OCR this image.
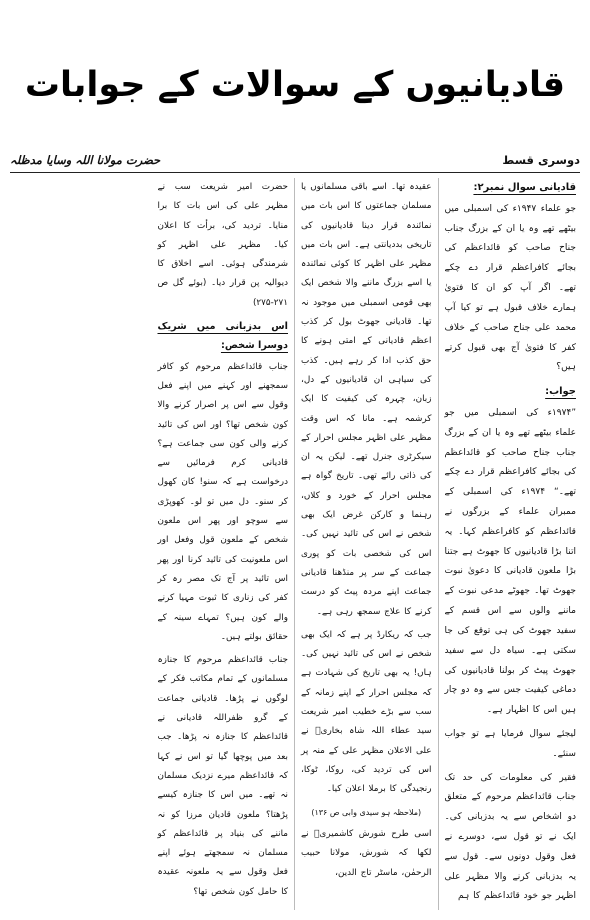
قادیانیوں کے سوالات کے جوابات
دوسری قسط
حضرت مولانا اللہ وسایا مدظلہ

قادیانی سوال نمبر۲:

جو علماء ۱۹۴۷ء کی اسمبلی میں بیٹھے تھے وہ یا ان کے بزرگ جناب جناح صاحب کو قائداعظم کی بجائے کافراعظم قرار دے چکے تھے۔ اگر آپ کو ان کا فتویٰ ہمارے خلاف قبول ہے تو کیا آپ محمد علی جناح صاحب کے خلاف کفر کا فتویٰ آج بھی قبول کرتے ہیں؟

جواب:

”۱۹۷۴ء کی اسمبلی میں جو علماء بیٹھے تھے وہ یا ان کے بزرگ جناب جناح صاحب کو قائداعظم کی بجائے کافراعظم قرار دے چکے تھے۔“ ۱۹۷۴ء کی اسمبلی کے ممبران علماء کے بزرگوں نے قائداعظم کو کافراعظم کہا۔ یہ اتنا بڑا قادیانیوں کا جھوٹ ہے جتنا بڑا ملعون قادیانی کا دعویٰ نبوت جھوٹ تھا۔ جھوٹے مدعی نبوت کے ماننے والوں سے اس قسم کے سفید جھوٹ کی ہی توقع کی جا سکتی ہے۔ سیاہ دل سے سفید جھوٹ پیٹ کر بولنا قادیانیوں کی دماغی کیفیت جس سے وہ دو چار ہیں اس کا اظہار ہے۔

لیجئے سوال فرمایا ہے تو جواب سنئے۔

فقیر کی معلومات کی حد تک جناب قائداعظم مرحوم کے متعلق دو اشخاص سے یہ بدزبانی کی۔ ایک نے تو قول سے، دوسرے نے فعل وقول دونوں سے۔ قول سے یہ بدزبانی کرنے والا مظہر علی اظہر جو خود قائداعظم کا ہم

عقیدہ تھا۔ اسے باقی مسلمانوں یا مسلمان جماعتوں کا اس بات میں نمائندہ قرار دینا قادیانیوں کی تاریخی بددیانتی ہے۔ اس بات میں مظہر علی اظہر کا کوئی نمائندہ یا اسے بزرگ ماننے والا شخص ایک بھی قومی اسمبلی میں موجود نہ تھا۔ قادیانی جھوٹ بول کر کذب اعظم قادیانی کے امتی ہونے کا حق کذب ادا کر رہے ہیں۔ کذب کی سیاہی ان قادیانیوں کے دل، زبان، چہرہ کی کیفیت کا ایک کرشمہ ہے۔ مانا کہ اس وقت مظہر علی اظہر مجلس احرار کے سیکرٹری جنرل تھے۔ لیکن یہ ان کی ذاتی رائے تھی۔ تاریخ گواہ ہے مجلس احرار کے خورد و کلاں، رہنما و کارکن غرض ایک بھی شخص نے اس کی تائید نہیں کی۔ اس کی شخصی بات کو پوری جماعت کے سر پر منڈھنا قادیانی جماعت اپنے مردہ پیٹ کو درست کرنے کا علاج سمجھ رہی ہے۔

جب کہ ریکارڈ پر ہے کہ ایک بھی شخص نے اس کی تائید نہیں کی۔ ہاں! یہ بھی تاریخ کی شہادت ہے کہ مجلس احرار کے اپنے زمانہ کے سب سے بڑے خطیب امیر شریعت سید عطاء اللہ شاہ بخاریؒ نے علی الاعلان مظہر علی کے منہ پر اس کی تردید کی، روکا، ٹوکا، رنجیدگی کا برملا اعلان کیا۔

(ملاحظہ ہو سیدی وابی ص ۱۳۶)

اسی طرح شورش کاشمیریؒ نے لکھا کہ شورش، مولانا حبیب الرحمٰن، ماسٹر تاج الدین،

حضرت امیر شریعت سب نے مظہر علی کی اس بات کا برا منایا۔ تردید کی، برأت کا اعلان کیا۔ مظہر علی اظہر کو شرمندگی ہوئی۔ اسے اخلاق کا دیوالیہ پن قرار دیا۔ (بوئے گل ص ۲۷۱-۲۷۵)

اس بدزبانی میں شریک دوسرا شخص:

جناب قائداعظم مرحوم کو کافر سمجھنے اور کہنے میں اپنے فعل وقول سے اس پر اصرار کرنے والا کون شخص تھا؟ اور اس کی تائید کرنے والی کون سی جماعت ہے؟ قادیانی کرم فرمائیں سے درخواست ہے کہ سنو! کان کھول کر سنو۔ دل میں تو لو۔ کھوپڑی سے سوچو اور پھر اس ملعون شخص کے ملعون قول وفعل اور اس ملعونیت کی تائید کرنا اور پھر اس تائید پر آج تک مصر رہ کر کفر کی زناری کا ثبوت مہیا کرنے والے کون ہیں؟ تمہاے سینہ کے حقائق بولتے ہیں۔

جناب قائداعظم مرحوم کا جنازہ مسلمانوں کے تمام مکاتب فکر کے لوگوں نے پڑھا۔ قادیانی جماعت کے گرو ظفراللہ قادیانی نے قائداعظم کا جنازہ نہ پڑھا۔ جب بعد میں پوچھا گیا تو اس نے کہا کہ قائداعظم میرے نزدیک مسلمان نہ تھے۔ میں اس کا جنازہ کیسے پڑھتا؟ ملعون قادیان مرزا کو نہ ماننے کی بنیاد پر قائداعظم کو مسلمان نہ سمجھتے ہوئے اپنے فعل وقول سے یہ ملعونہ عقیدہ کا حامل کون شخص تھا؟
